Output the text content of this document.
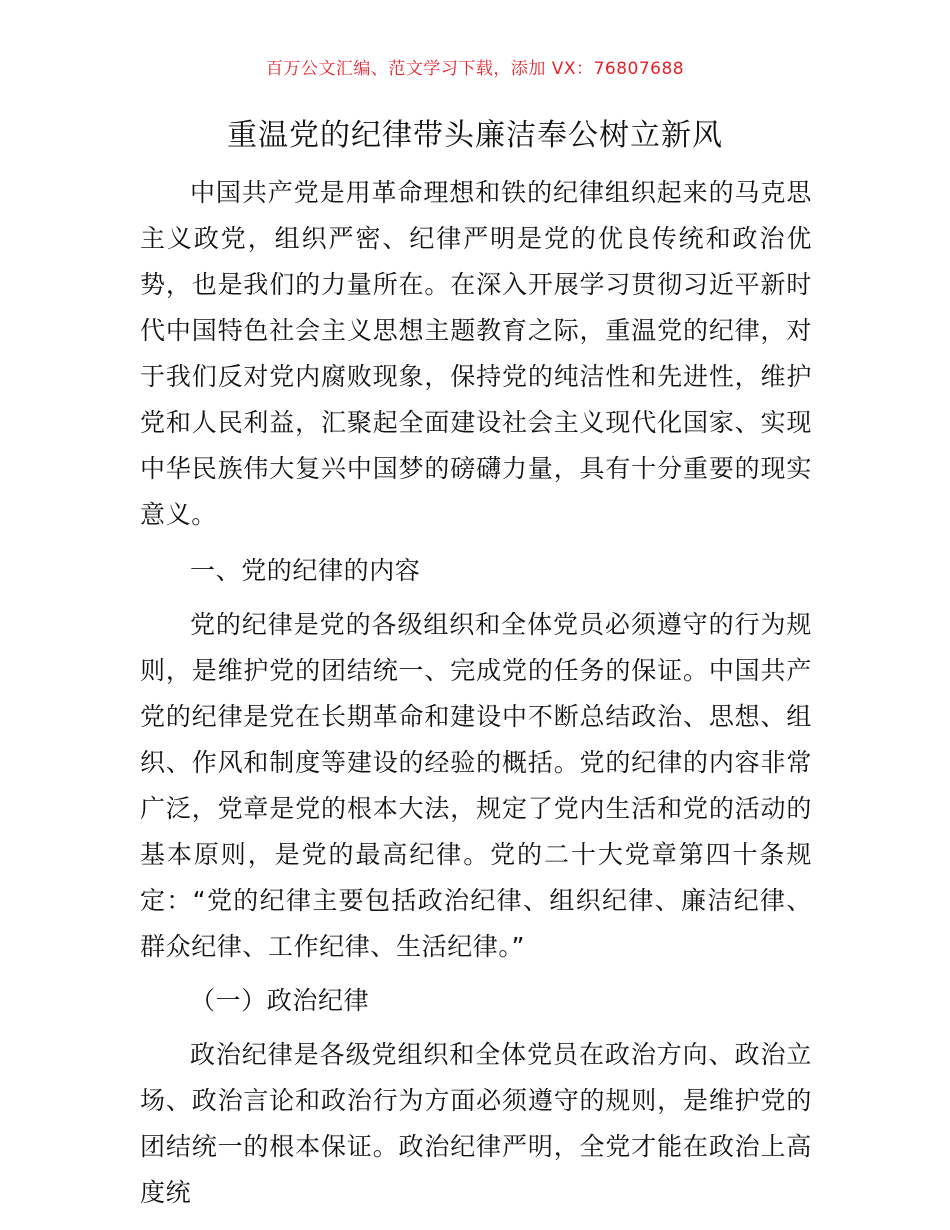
百万公文汇编、范文学习下载，添加 VX：76807688
重温党的纪律带头廉洁奉公树立新风

中国共产党是用革命理想和铁的纪律组织起来的马克思主义政党，组织严密、纪律严明是党的优良传统和政治优势，也是我们的力量所在。在深入开展学习贯彻习近平新时代中国特色社会主义思想主题教育之际，重温党的纪律，对于我们反对党内腐败现象，保持党的纯洁性和先进性，维护党和人民利益，汇聚起全面建设社会主义现代化国家、实现中华民族伟大复兴中国梦的磅礴力量，具有十分重要的现实意义。

一、党的纪律的内容

党的纪律是党的各级组织和全体党员必须遵守的行为规则，是维护党的团结统一、完成党的任务的保证。中国共产党的纪律是党在长期革命和建设中不断总结政治、思想、组织、作风和制度等建设的经验的概括。党的纪律的内容非常广泛，党章是党的根本大法，规定了党内生活和党的活动的基本原则，是党的最高纪律。党的二十大党章第四十条规定：“党的纪律主要包括政治纪律、组织纪律、廉洁纪律、群众纪律、工作纪律、生活纪律。”

（一）政治纪律

政治纪律是各级党组织和全体党员在政治方向、政治立场、政治言论和政治行为方面必须遵守的规则，是维护党的团结统一的根本保证。政治纪律严明，全党才能在政治上高度统
